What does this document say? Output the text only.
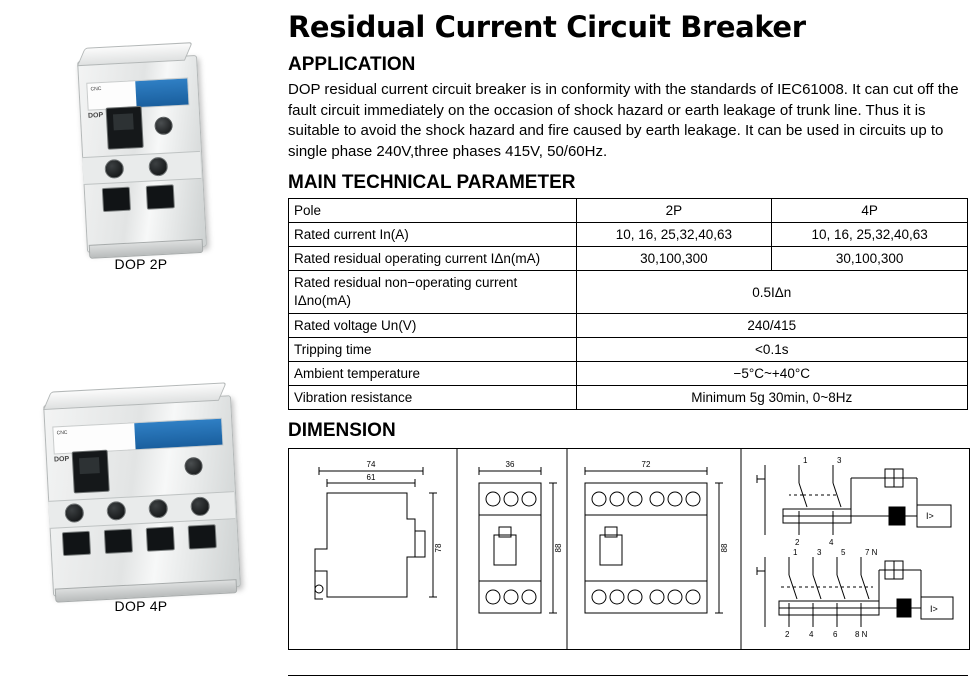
CNC
DOP
DOP 2P
CNC
DOP
DOP 4P
Residual Current Circuit Breaker
APPLICATION

DOP residual current circuit breaker is in conformity with the standards of IEC61008. It can cut off the fault circuit immediately on the occasion of shock hazard or earth leakage of trunk line. Thus it is suitable to avoid the shock hazard and fire caused by earth leakage. It can be used in circuits up to single phase 240V,three phases 415V, 50/60Hz.

MAIN TECHNICAL PARAMETER
Pole	2P	4P
Rated current In(A)	10, 16, 25,32,40,63	10, 16, 25,32,40,63
Rated residual operating current IΔn(mA)	30,100,300	30,100,300
Rated residual non−operating current IΔno(mA)	0.5IΔn	
Rated voltage Un(V)	240/415	
Tripping time	<0.1s	
Ambient temperature	−5°C~+40°C	
Vibration resistance	Minimum 5g 30min, 0~8Hz	
DIMENSION
74
61
78
36
88
72
88
1	3
2	4
I>
1 3 5 7 N
2 4 6 8 N
I>
